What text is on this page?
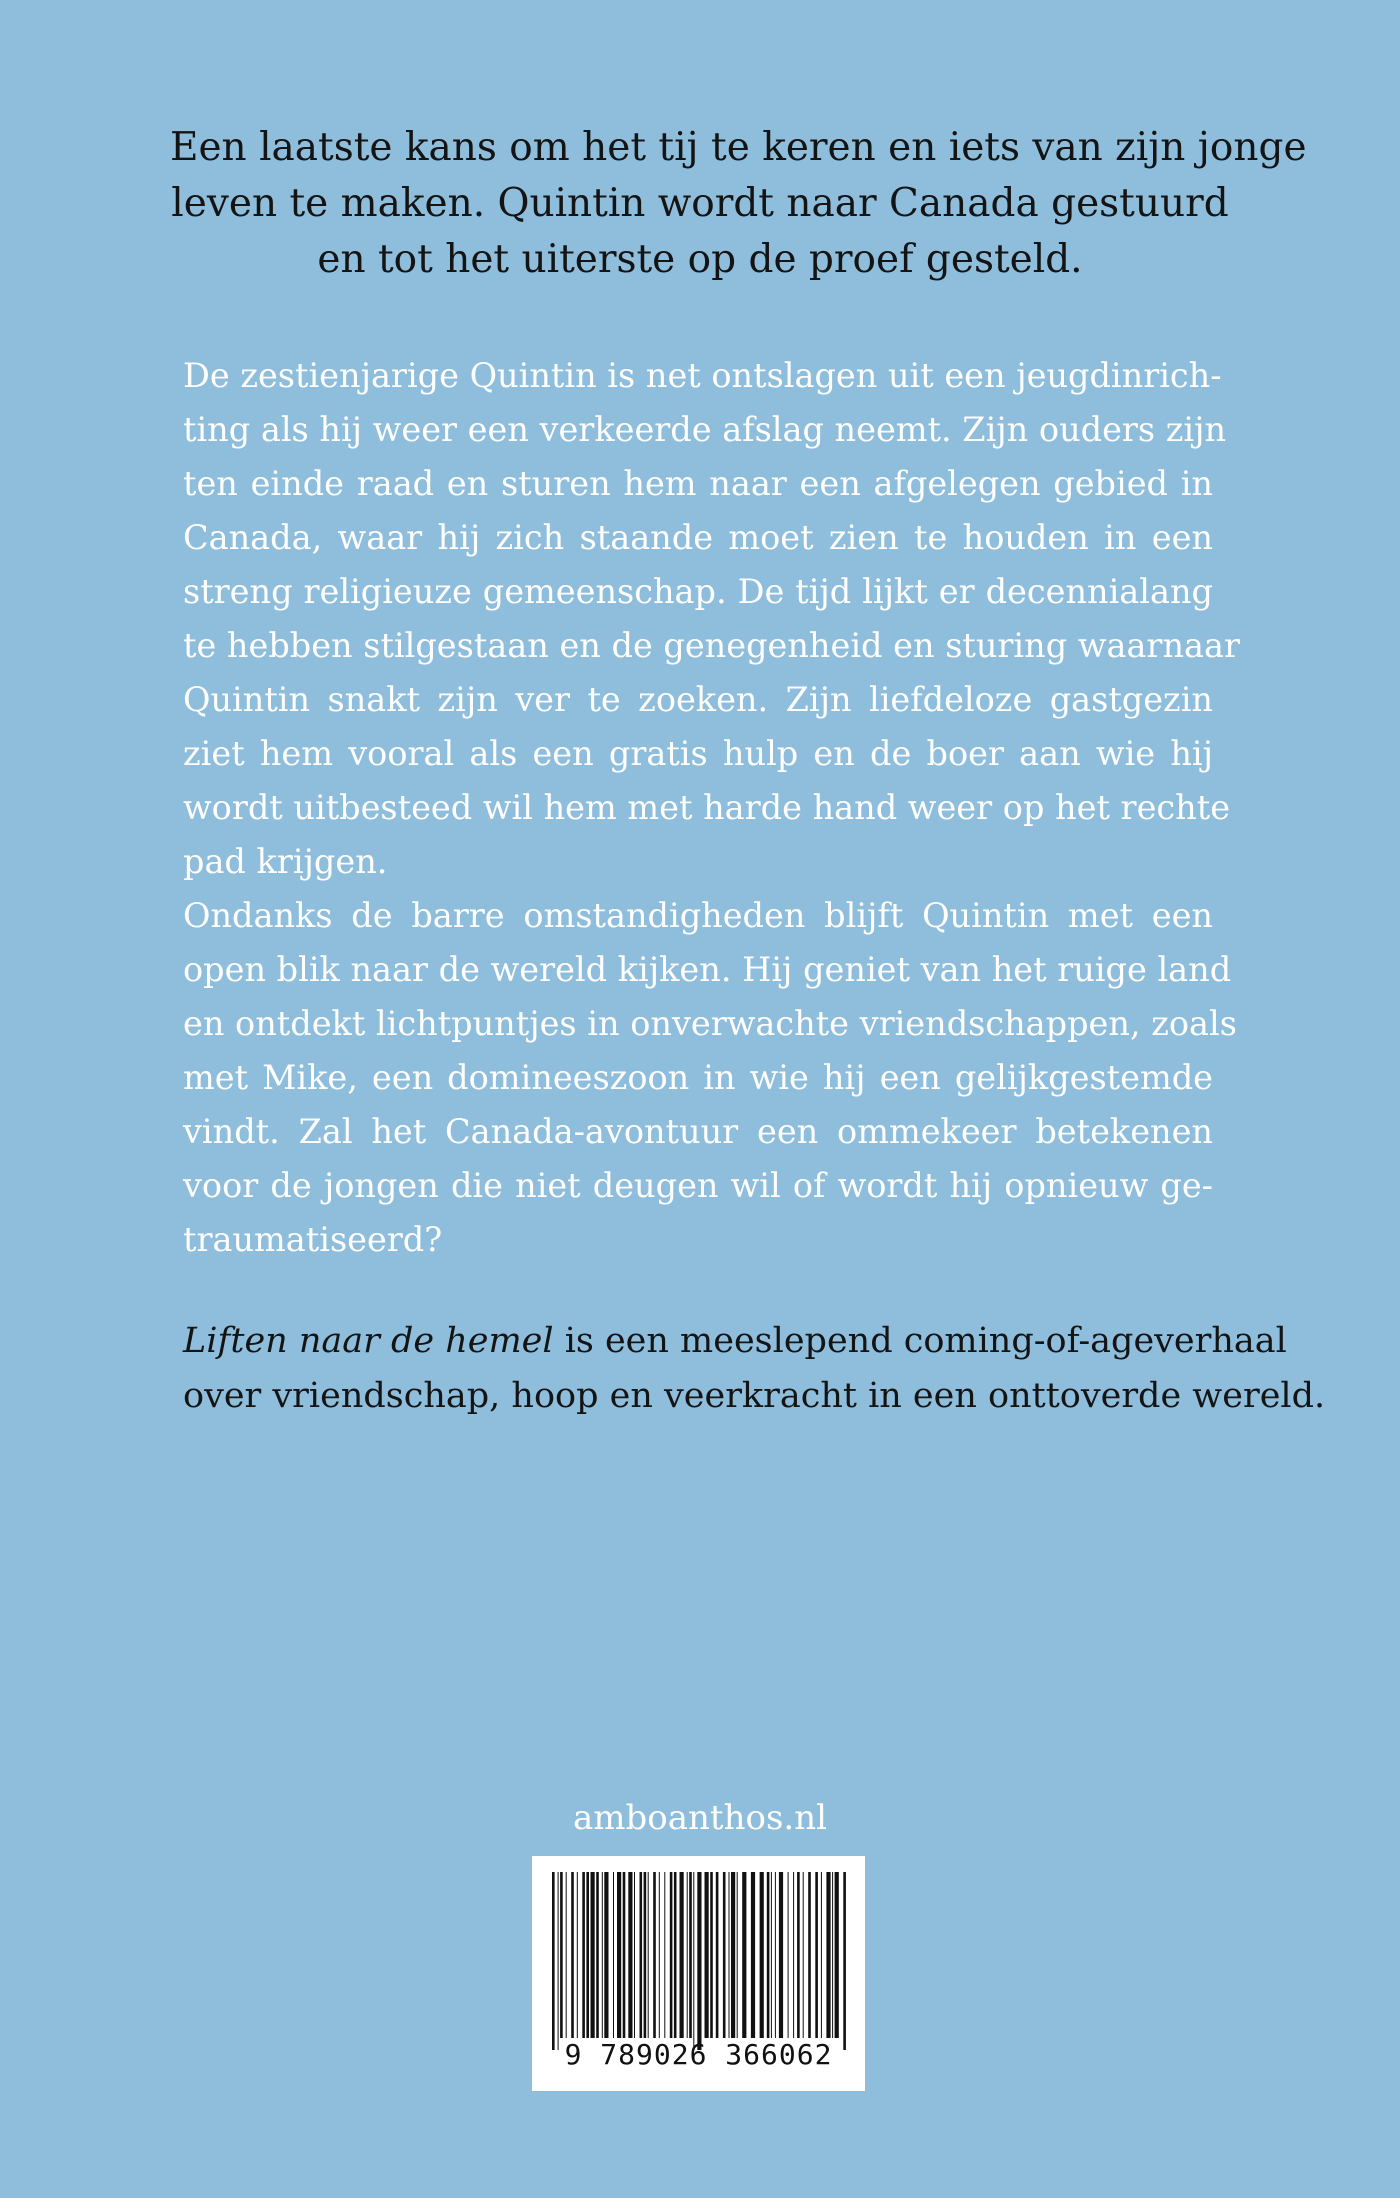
Een laatste kans om het tij te keren en iets van zijn jonge
leven te maken. Quintin wordt naar Canada gestuurd
en tot het uiterste op de proef gesteld.
De zestienjarige Quintin is net ontslagen uit een jeugdinrich-
ting als hij weer een verkeerde afslag neemt. Zijn ouders zijn
ten einde raad en sturen hem naar een afgelegen gebied in
Canada, waar hij zich staande moet zien te houden in een
streng religieuze gemeenschap. De tijd lijkt er decennialang
te hebben stilgestaan en de genegenheid en sturing waarnaar
Quintin snakt zijn ver te zoeken. Zijn liefdeloze gastgezin
ziet hem vooral als een gratis hulp en de boer aan wie hij
wordt uitbesteed wil hem met harde hand weer op het rechte
pad krijgen.
Ondanks de barre omstandigheden blijft Quintin met een
open blik naar de wereld kijken. Hij geniet van het ruige land
en ontdekt lichtpuntjes in onverwachte vriendschappen, zoals
met Mike, een domineeszoon in wie hij een gelijkgestemde
vindt. Zal het Canada-avontuur een ommekeer betekenen
voor de jongen die niet deugen wil of wordt hij opnieuw ge-
traumatiseerd?
Liften naar de hemel is een meeslepend coming-of-ageverhaal
over vriendschap, hoop en veerkracht in een onttoverde wereld.
amboanthos.nl
9 789026 366062
